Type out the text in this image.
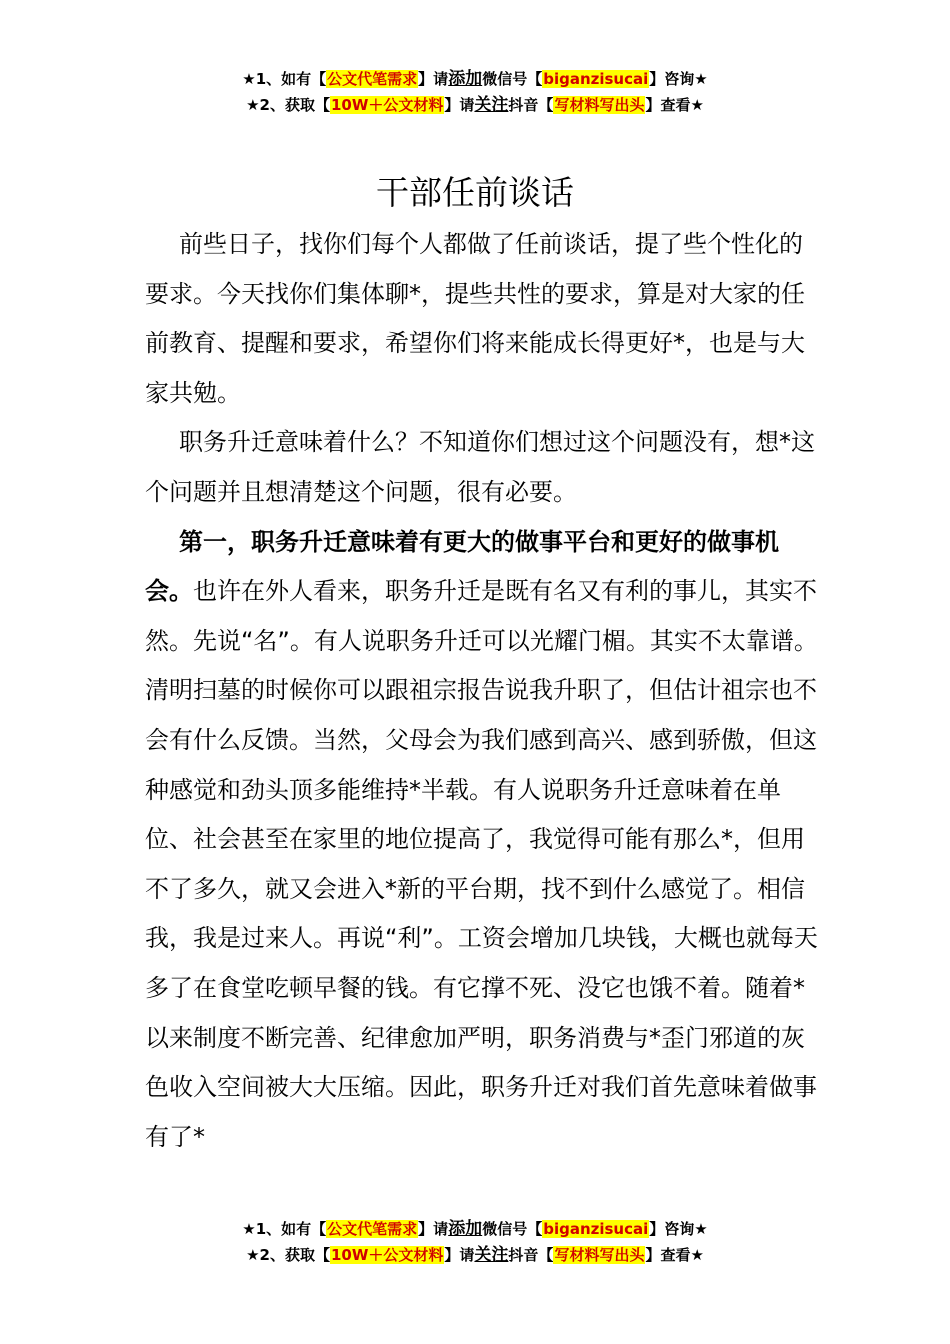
★1、如有【公文代笔需求】请添加微信号【biganzisucai】咨询★
★2、获取【10W＋公文材料】请关注抖音【写材料写出头】查看★
干部任前谈话

前些日子，找你们每个人都做了任前谈话，提了些个性化的要求。今天找你们集体聊*，提些共性的要求，算是对大家的任前教育、提醒和要求，希望你们将来能成长得更好*，也是与大家共勉。

职务升迁意味着什么？不知道你们想过这个问题没有，想*这个问题并且想清楚这个问题，很有必要。

第一，职务升迁意味着有更大的做事平台和更好的做事机会。也许在外人看来，职务升迁是既有名又有利的事儿，其实不然。先说“名”。有人说职务升迁可以光耀门楣。其实不太靠谱。清明扫墓的时候你可以跟祖宗报告说我升职了，但估计祖宗也不会有什么反馈。当然，父母会为我们感到高兴、感到骄傲，但这种感觉和劲头顶多能维持*半载。有人说职务升迁意味着在单位、社会甚至在家里的地位提高了，我觉得可能有那么*，但用不了多久，就又会进入*新的平台期，找不到什么感觉了。相信我，我是过来人。再说“利”。工资会增加几块钱，大概也就每天多了在食堂吃顿早餐的钱。有它撑不死、没它也饿不着。随着*以来制度不断完善、纪律愈加严明，职务消费与*歪门邪道的灰色收入空间被大大压缩。因此，职务升迁对我们首先意味着做事有了*

★1、如有【公文代笔需求】请添加微信号【biganzisucai】咨询★
★2、获取【10W＋公文材料】请关注抖音【写材料写出头】查看★
